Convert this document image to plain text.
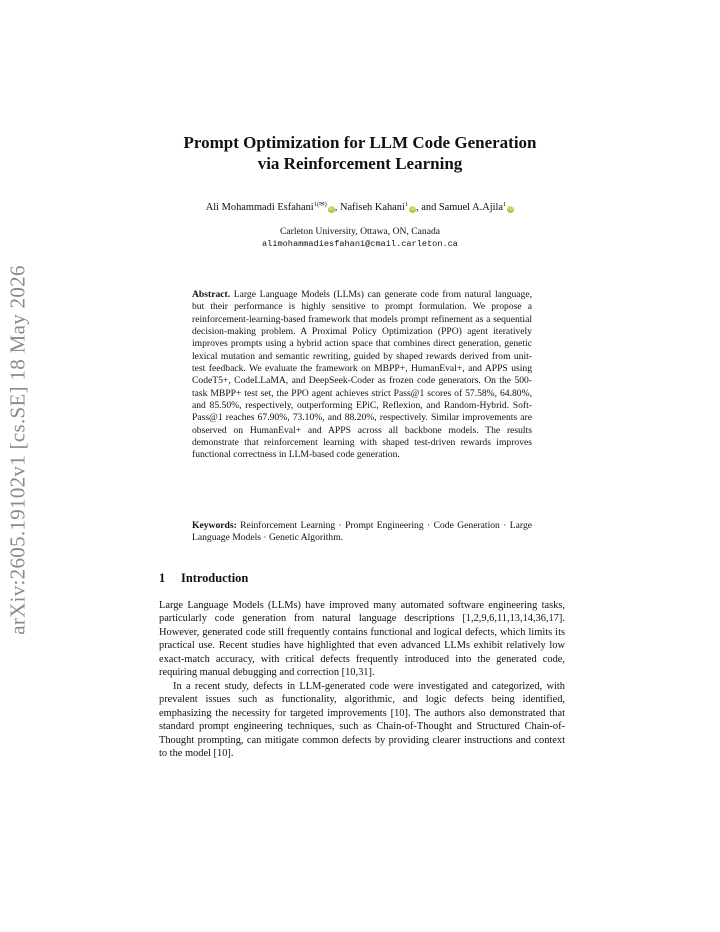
arXiv:2605.19102v1 [cs.SE] 18 May 2026
Prompt Optimization for LLM Code Generation
via Reinforcement Learning
Ali Mohammadi Esfahani$^{1(✉)}$iD, Nafiseh Kahani$^1$iD, and Samuel A.Ajila$^1$iD
Carleton University, Ottawa, ON, Canada
alimohammadiesfahani@cmail.carleton.ca
Abstract. Large Language Models (LLMs) can generate code from natural language, but their performance is highly sensitive to prompt formulation. We propose a reinforcement-learning-based framework that models prompt refinement as a sequential decision-making problem. A Proximal Policy Optimization (PPO) agent iteratively improves prompts using a hybrid action space that combines direct generation, genetic lexical mutation and semantic rewriting, guided by shaped rewards derived from unit-test feedback. We evaluate the framework on MBPP+, HumanEval+, and APPS using CodeT5+, CodeLLaMA, and DeepSeek-Coder as frozen code generators. On the 500-task MBPP+ test set, the PPO agent achieves strict Pass@1 scores of 57.58%, 64.80%, and 85.50%, respectively, outperforming EPiC, Reflexion, and Random-Hybrid. Soft-Pass@1 reaches 67.90%, 73.10%, and 88.20%, respectively. Similar improvements are observed on HumanEval+ and APPS across all backbone models. The results demonstrate that reinforcement learning with shaped test-driven rewards improves functional correctness in LLM-based code generation.
Keywords: Reinforcement Learning · Prompt Engineering · Code Generation · Large Language Models · Genetic Algorithm.
1 Introduction

Large Language Models (LLMs) have improved many automated software engineering tasks, particularly code generation from natural language descriptions [1,2,9,6,11,13,14,36,17]. However, generated code still frequently contains functional and logical defects, which limits its practical use. Recent studies have highlighted that even advanced LLMs exhibit relatively low exact-match accuracy, with critical defects frequently introduced into the generated code, requiring manual debugging and correction [10,31].

In a recent study, defects in LLM-generated code were investigated and categorized, with prevalent issues such as functionality, algorithmic, and logic defects being identified, emphasizing the necessity for targeted improvements [10]. The authors also demonstrated that standard prompt engineering techniques, such as Chain-of-Thought and Structured Chain-of-Thought prompting, can mitigate common defects by providing clearer instructions and context to the model [10].
